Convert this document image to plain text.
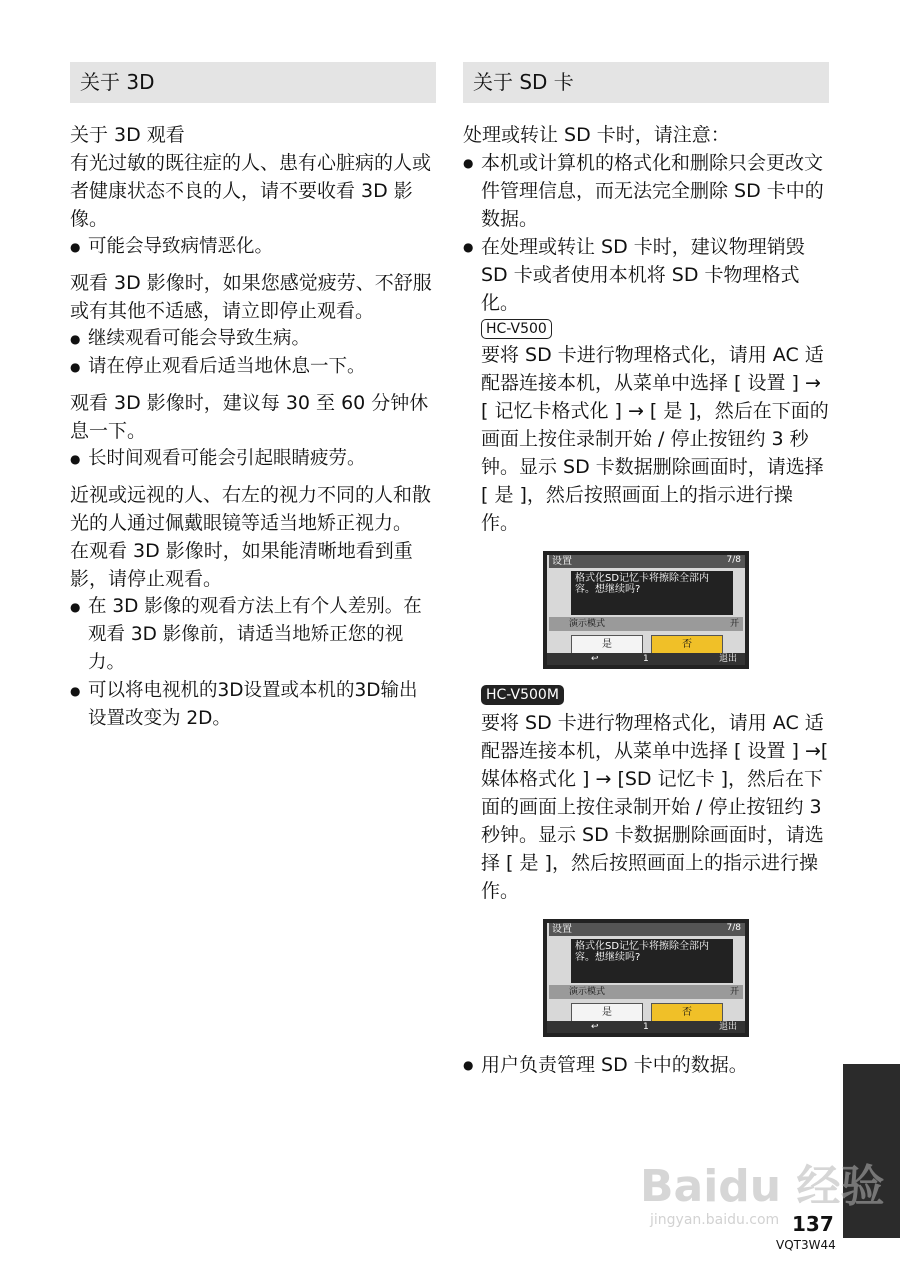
关于 3D

关于 3D 观看

有光过敏的既往症的人、患有心脏病的人或者健康状态不良的人，请不要收看 3D 影像。

● 可能会导致病情恶化。

观看 3D 影像时，如果您感觉疲劳、不舒服或有其他不适感，请立即停止观看。

● 继续观看可能会导致生病。
● 请在停止观看后适当地休息一下。

观看 3D 影像时，建议每 30 至 60 分钟休息一下。

● 长时间观看可能会引起眼睛疲劳。

近视或远视的人、右左的视力不同的人和散光的人通过佩戴眼镜等适当地矫正视力。

在观看 3D 影像时，如果能清晰地看到重影，请停止观看。

● 在 3D 影像的观看方法上有个人差别。在观看 3D 影像前，请适当地矫正您的视力。
● 可以将电视机的3D设置或本机的3D输出设置改变为 2D。
关于 SD 卡

处理或转让 SD 卡时，请注意：

● 本机或计算机的格式化和删除只会更改文件管理信息，而无法完全删除 SD 卡中的数据。
● 在处理或转让 SD 卡时，建议物理销毁 SD 卡或者使用本机将 SD 卡物理格式化。
HC-V500
要将 SD 卡进行物理格式化，请用 AC 适配器连接本机，从菜单中选择 [ 设置 ] → [ 记忆卡格式化 ] → [ 是 ]，然后在下面的画面上按住录制开始 / 停止按钮约 3 秒钟。显示 SD 卡数据删除画面时，请选择 [ 是 ]，然后按照画面上的指示进行操作。
设置	7/8
格式化SD记忆卡将擦除全部内容。想继续吗?
演示模式	开
是	否
↩	1	退出
HC-V500M
要将 SD 卡进行物理格式化，请用 AC 适配器连接本机，从菜单中选择 [ 设置 ] →[ 媒体格式化 ] → [SD 记忆卡 ]，然后在下面的画面上按住录制开始 / 停止按钮约 3 秒钟。显示 SD 卡数据删除画面时，请选择 [ 是 ]，然后按照画面上的指示进行操作。
设置	7/8
格式化SD记忆卡将擦除全部内容。想继续吗?
演示模式	开
是	否
↩	1	退出
● 用户负责管理 SD 卡中的数据。
Baidu 经验
jingyan.baidu.com 137
VQT3W44
